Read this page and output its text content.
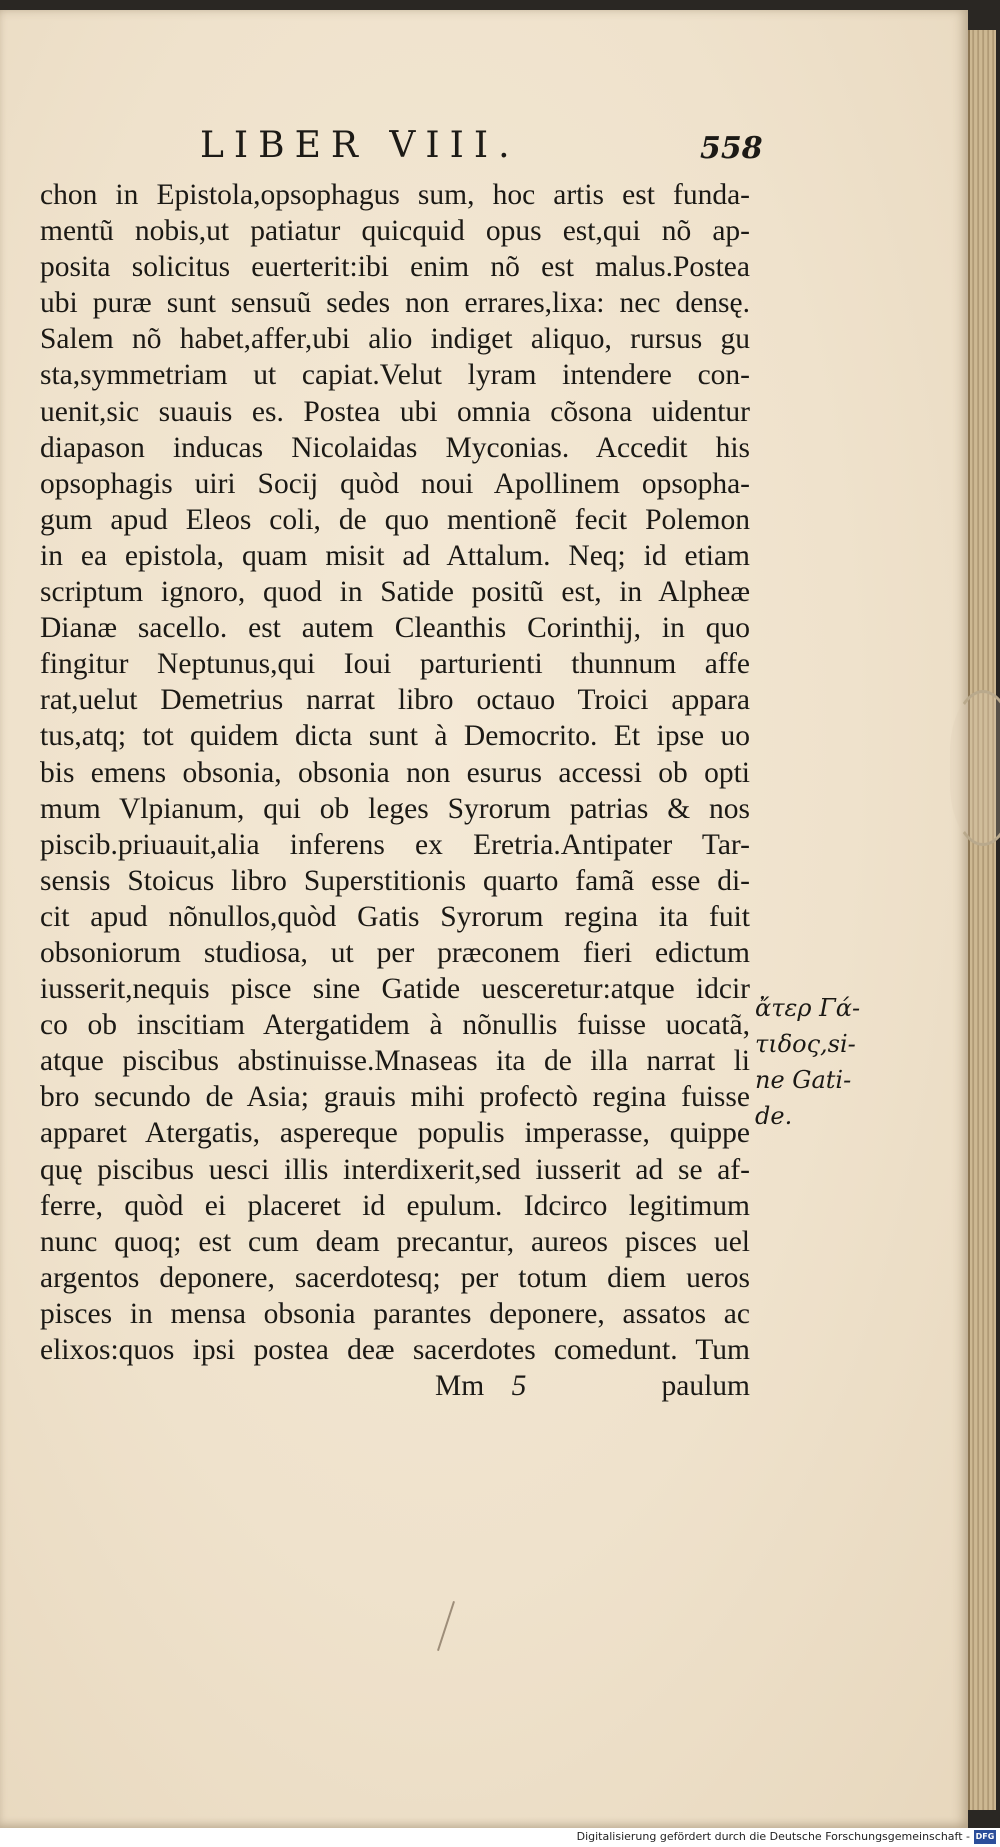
LIBER VIII.	558
chon in Epistola,opsophagus sum, hoc artis est funda-
mentũ nobis,ut patiatur quicquid opus est,qui nõ ap-
posita solicitus euerterit:ibi enim nõ est malus.Postea
ubi puræ sunt sensuũ sedes non errares,lixa: nec densę.
Salem nõ habet,affer,ubi alio indiget aliquo, rursus gu
sta,symmetriam ut capiat.Velut lyram intendere con-
uenit,sic suauis es. Postea ubi omnia cõsona uidentur
diapason inducas Nicolaidas Myconias. Accedit his
opsophagis uiri Socij quòd noui Apollinem opsopha-
gum apud Eleos coli, de quo mentionẽ fecit Polemon
in ea epistola, quam misit ad Attalum. Neq; id etiam
scriptum ignoro, quod in Satide positũ est, in Alpheæ
Dianæ sacello. est autem Cleanthis Corinthij, in quo
fingitur Neptunus,qui Ioui parturienti thunnum affe
rat,uelut Demetrius narrat libro octauo Troici appara
tus,atq; tot quidem dicta sunt à Democrito. Et ipse uo
bis emens obsonia, obsonia non esurus accessi ob opti
mum Vlpianum, qui ob leges Syrorum patrias & nos
piscib.priuauit,alia inferens ex Eretria.Antipater Tar-
sensis Stoicus libro Superstitionis quarto famã esse di-
cit apud nõnullos,quòd Gatis Syrorum regina ita fuit
obsoniorum studiosa, ut per præconem fieri edictum
iusserit,nequis pisce sine Gatide uesceretur:atque idcir
co ob inscitiam Atergatidem à nõnullis fuisse uocatã,
atque piscibus abstinuisse.Mnaseas ita de illa narrat li
bro secundo de Asia; grauis mihi profectò regina fuisse
apparet Atergatis, aspereque populis imperasse, quippe
quę piscibus uesci illis interdixerit,sed iusserit ad se af-
ferre, quòd ei placeret id epulum. Idcirco legitimum
nunc quoq; est cum deam precantur, aureos pisces uel
argentos deponere, sacerdotesq; per totum diem ueros
pisces in mensa obsonia parantes deponere, assatos ac
elixos:quos ipsi postea deæ sacerdotes comedunt. Tum
Mm 5	paulum
ἄτερ Γά-
τιδος,si-
ne Gati-
de.
Digitalisierung gefördert durch die Deutsche Forschungsgemeinschaft - DFG
